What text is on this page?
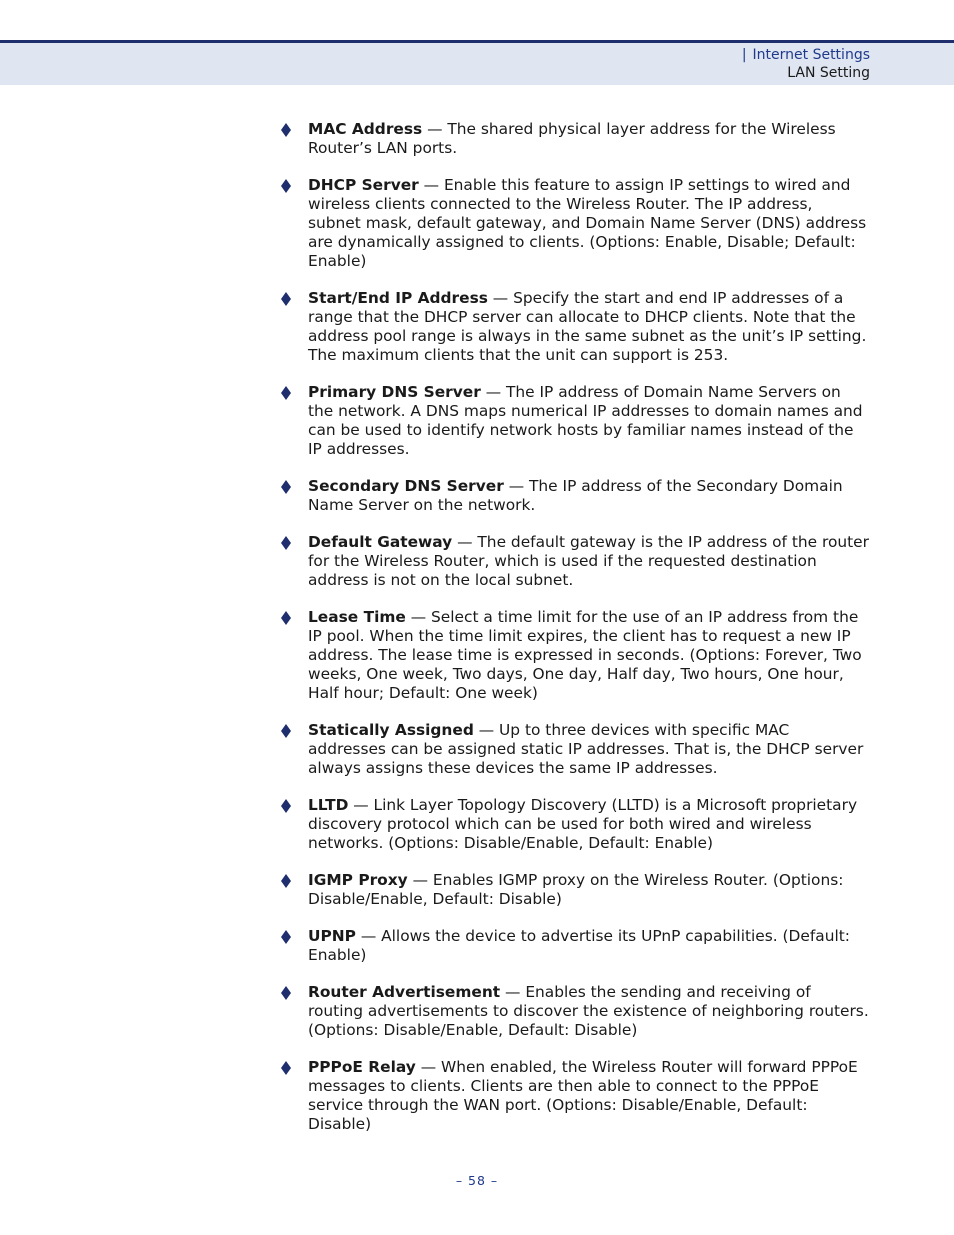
| Internet Settings
LAN Setting
MAC Address — The shared physical layer address for the Wireless Router’s LAN ports.
DHCP Server — Enable this feature to assign IP settings to wired and wireless clients connected to the Wireless Router. The IP address, subnet mask, default gateway, and Domain Name Server (DNS) address are dynamically assigned to clients. (Options: Enable, Disable; Default: Enable)
Start/End IP Address — Specify the start and end IP addresses of a range that the DHCP server can allocate to DHCP clients. Note that the address pool range is always in the same subnet as the unit’s IP setting. The maximum clients that the unit can support is 253.
Primary DNS Server — The IP address of Domain Name Servers on the network. A DNS maps numerical IP addresses to domain names and can be used to identify network hosts by familiar names instead of the IP addresses.
Secondary DNS Server — The IP address of the Secondary Domain Name Server on the network.
Default Gateway — The default gateway is the IP address of the router for the Wireless Router, which is used if the requested destination address is not on the local subnet.
Lease Time — Select a time limit for the use of an IP address from the IP pool. When the time limit expires, the client has to request a new IP address. The lease time is expressed in seconds. (Options: Forever, Two weeks, One week, Two days, One day, Half day, Two hours, One hour, Half hour; Default: One week)
Statically Assigned — Up to three devices with specific MAC addresses can be assigned static IP addresses. That is, the DHCP server always assigns these devices the same IP addresses.
LLTD — Link Layer Topology Discovery (LLTD) is a Microsoft proprietary discovery protocol which can be used for both wired and wireless networks. (Options: Disable/Enable, Default: Enable)
IGMP Proxy — Enables IGMP proxy on the Wireless Router. (Options: Disable/Enable, Default: Disable)
UPNP — Allows the device to advertise its UPnP capabilities. (Default: Enable)
Router Advertisement — Enables the sending and receiving of routing advertisements to discover the existence of neighboring routers. (Options: Disable/Enable, Default: Disable)
PPPoE Relay — When enabled, the Wireless Router will forward PPPoE messages to clients. Clients are then able to connect to the PPPoE service through the WAN port. (Options: Disable/Enable, Default: Disable)
– 58 –
